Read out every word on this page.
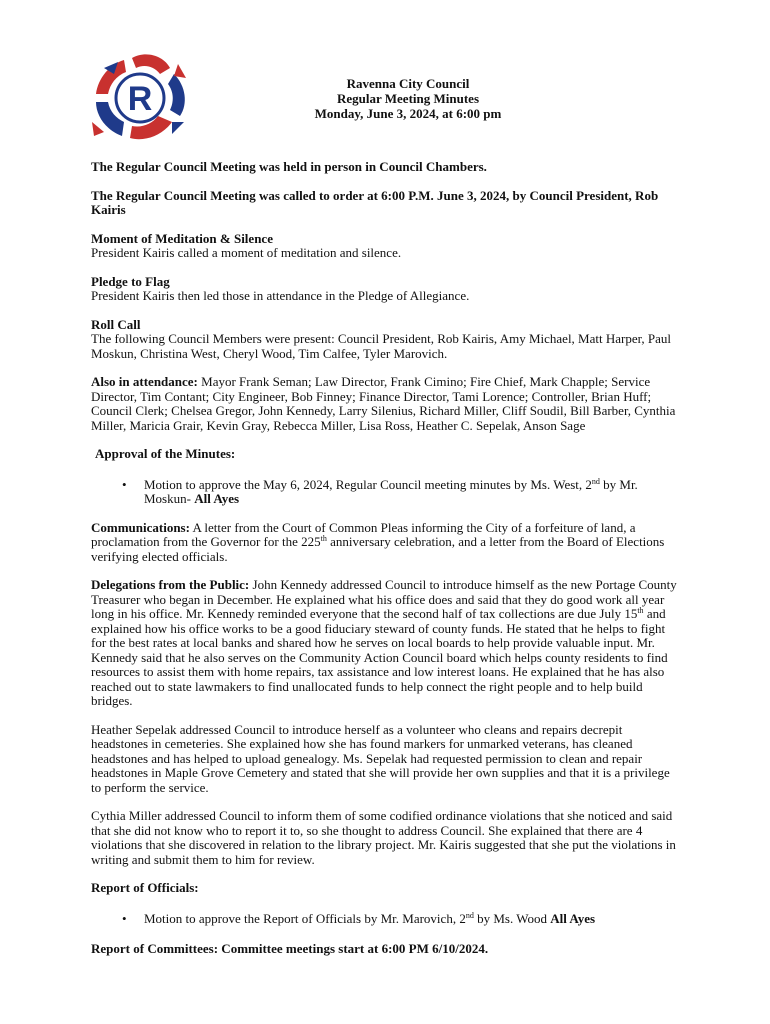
R	Ravenna City Council
Regular Meeting Minutes
Monday, June 3, 2024, at 6:00 pm

The Regular Council Meeting was held in person in Council Chambers.

The Regular Council Meeting was called to order at 6:00 P.M. June 3, 2024, by Council President, Rob Kairis

Moment of Meditation & Silence

President Kairis called a moment of meditation and silence.

Pledge to Flag

President Kairis then led those in attendance in the Pledge of Allegiance.

Roll Call

The following Council Members were present: Council President, Rob Kairis, Amy Michael, Matt Harper, Paul Moskun, Christina West, Cheryl Wood, Tim Calfee, Tyler Marovich.

Also in attendance: Mayor Frank Seman; Law Director, Frank Cimino; Fire Chief, Mark Chapple; Service Director, Tim Contant; City Engineer, Bob Finney; Finance Director, Tami Lorence; Controller, Brian Huff; Council Clerk; Chelsea Gregor, John Kennedy, Larry Silenius, Richard Miller, Cliff Soudil, Bill Barber, Cynthia Miller, Maricia Grair, Kevin Gray, Rebecca Miller, Lisa Ross, Heather C. Sepelak, Anson Sage

Approval of the Minutes:

• Motion to approve the May 6, 2024, Regular Council meeting minutes by Ms. West, 2nd by Mr. Moskun- All Ayes

Communications: A letter from the Court of Common Pleas informing the City of a forfeiture of land, a proclamation from the Governor for the 225th anniversary celebration, and a letter from the Board of Elections verifying elected officials.

Delegations from the Public: John Kennedy addressed Council to introduce himself as the new Portage County Treasurer who began in December. He explained what his office does and said that they do good work all year long in his office. Mr. Kennedy reminded everyone that the second half of tax collections are due July 15th and explained how his office works to be a good fiduciary steward of county funds. He stated that he helps to fight for the best rates at local banks and shared how he serves on local boards to help provide valuable input. Mr. Kennedy said that he also serves on the Community Action Council board which helps county residents to find resources to assist them with home repairs, tax assistance and low interest loans. He explained that he has also reached out to state lawmakers to find unallocated funds to help connect the right people and to help build bridges.

Heather Sepelak addressed Council to introduce herself as a volunteer who cleans and repairs decrepit headstones in cemeteries. She explained how she has found markers for unmarked veterans, has cleaned headstones and has helped to upload genealogy. Ms. Sepelak had requested permission to clean and repair headstones in Maple Grove Cemetery and stated that she will provide her own supplies and that it is a privilege to perform the service.

Cythia Miller addressed Council to inform them of some codified ordinance violations that she noticed and said that she did not know who to report it to, so she thought to address Council. She explained that there are 4 violations that she discovered in relation to the library project. Mr. Kairis suggested that she put the violations in writing and submit them to him for review.

Report of Officials:

• Motion to approve the Report of Officials by Mr. Marovich, 2nd by Ms. Wood All Ayes

Report of Committees: Committee meetings start at 6:00 PM 6/10/2024.
